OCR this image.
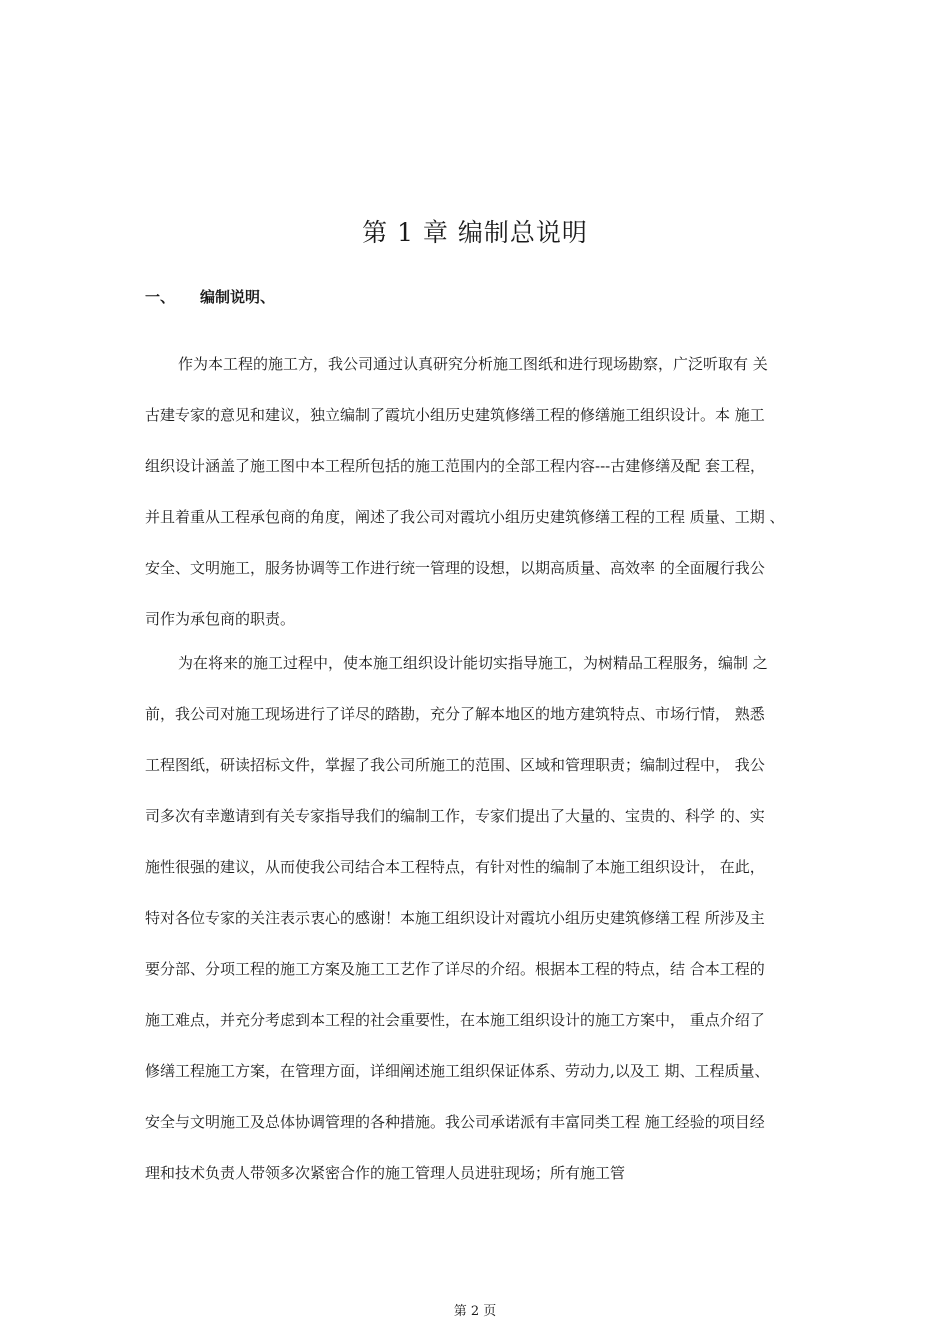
第 1 章 编制总说明
一、 编制说明、
作为本工程的施工方，我公司通过认真研究分析施工图纸和进行现场勘察，广泛听取有 关
古建专家的意见和建议，独立编制了霞坑小组历史建筑修缮工程的修缮施工组织设计。本 施工
组织设计涵盖了施工图中本工程所包括的施工范围内的全部工程内容---古建修缮及配 套工程，
并且着重从工程承包商的角度，阐述了我公司对霞坑小组历史建筑修缮工程的工程 质量、工期 、
安全、文明施工，服务协调等工作进行统一管理的设想，以期高质量、高效率 的全面履行我公
司作为承包商的职责。
为在将来的施工过程中，使本施工组织设计能切实指导施工，为树精品工程服务，编制 之
前，我公司对施工现场进行了详尽的踏勘，充分了解本地区的地方建筑特点、市场行情， 熟悉
工程图纸，研读招标文件，掌握了我公司所施工的范围、区域和管理职责；编制过程中， 我公
司多次有幸邀请到有关专家指导我们的编制工作，专家们提出了大量的、宝贵的、科学 的、实
施性很强的建议，从而使我公司结合本工程特点，有针对性的编制了本施工组织设计， 在此，
特对各位专家的关注表示衷心的感谢！本施工组织设计对霞坑小组历史建筑修缮工程 所涉及主
要分部、分项工程的施工方案及施工工艺作了详尽的介绍。根据本工程的特点，结 合本工程的
施工难点，并充分考虑到本工程的社会重要性，在本施工组织设计的施工方案中， 重点介绍了
修缮工程施工方案，在管理方面，详细阐述施工组织保证体系、劳动力,以及工 期、工程质量、
安全与文明施工及总体协调管理的各种措施。我公司承诺派有丰富同类工程 施工经验的项目经
理和技术负责人带领多次紧密合作的施工管理人员进驻现场；所有施工管
第 2 页
